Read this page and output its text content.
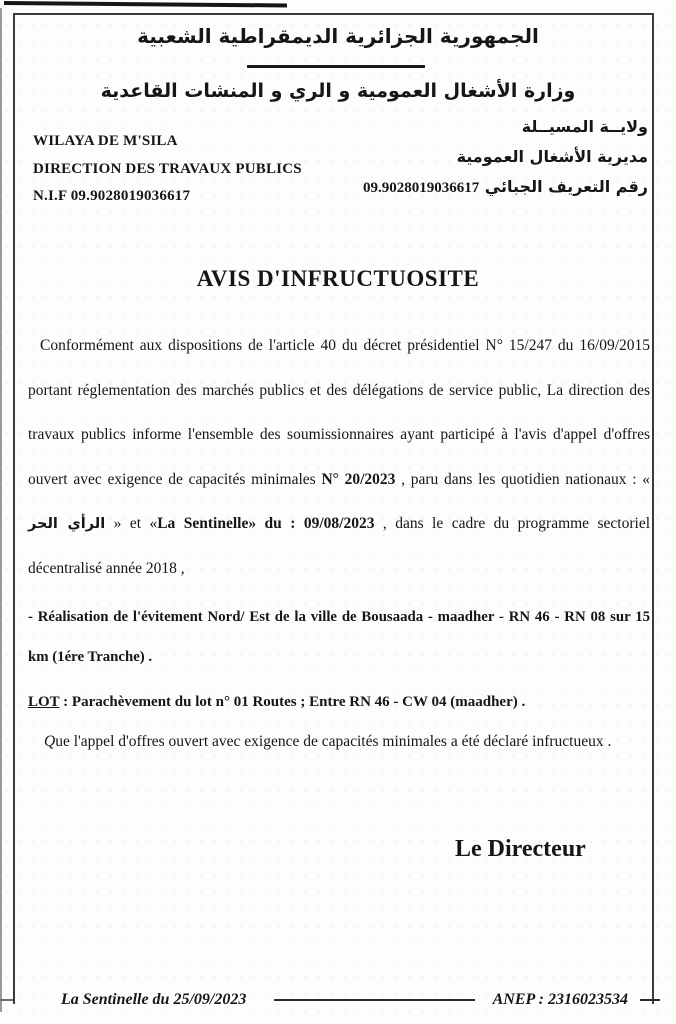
الجمهورية الجزائرية الديمقراطية الشعبية
وزارة الأشغال العمومية و الري و المنشات القاعدية
WILAYA DE M'SILA
DIRECTION DES TRAVAUX PUBLICS
N.I.F 09.9028019036617
ولايــة المسيــلة
مديرية الأشغال العمومية
رقم التعريف الجبائي 09.9028019036617
AVIS D'INFRUCTUOSITE

Conformément aux dispositions de l'article 40 du décret présidentiel N° 15/247 du 16/09/2015 portant réglementation des marchés publics et des délégations de service public, La direction des travaux publics informe l'ensemble des soumissionnaires ayant participé à l'avis d'appel d'offres ouvert avec exigence de capacités minimales N° 20/2023 , paru dans les quotidien nationaux : « الرأي الحر » et «La Sentinelle» du : 09/08/2023 , dans le cadre du programme sectoriel décentralisé année 2018 ,

- Réalisation de l'évitement Nord/ Est de la ville de Bousaada - maadher - RN 46 - RN 08 sur 15 km (1ére Tranche) .

LOT : Parachèvement du lot n° 01 Routes ; Entre RN 46 - CW 04 (maadher) .

Que l'appel d'offres ouvert avec exigence de capacités minimales a été déclaré infructueux .

Le Directeur
La Sentinelle du 25/09/2023	ANEP : 2316023534
